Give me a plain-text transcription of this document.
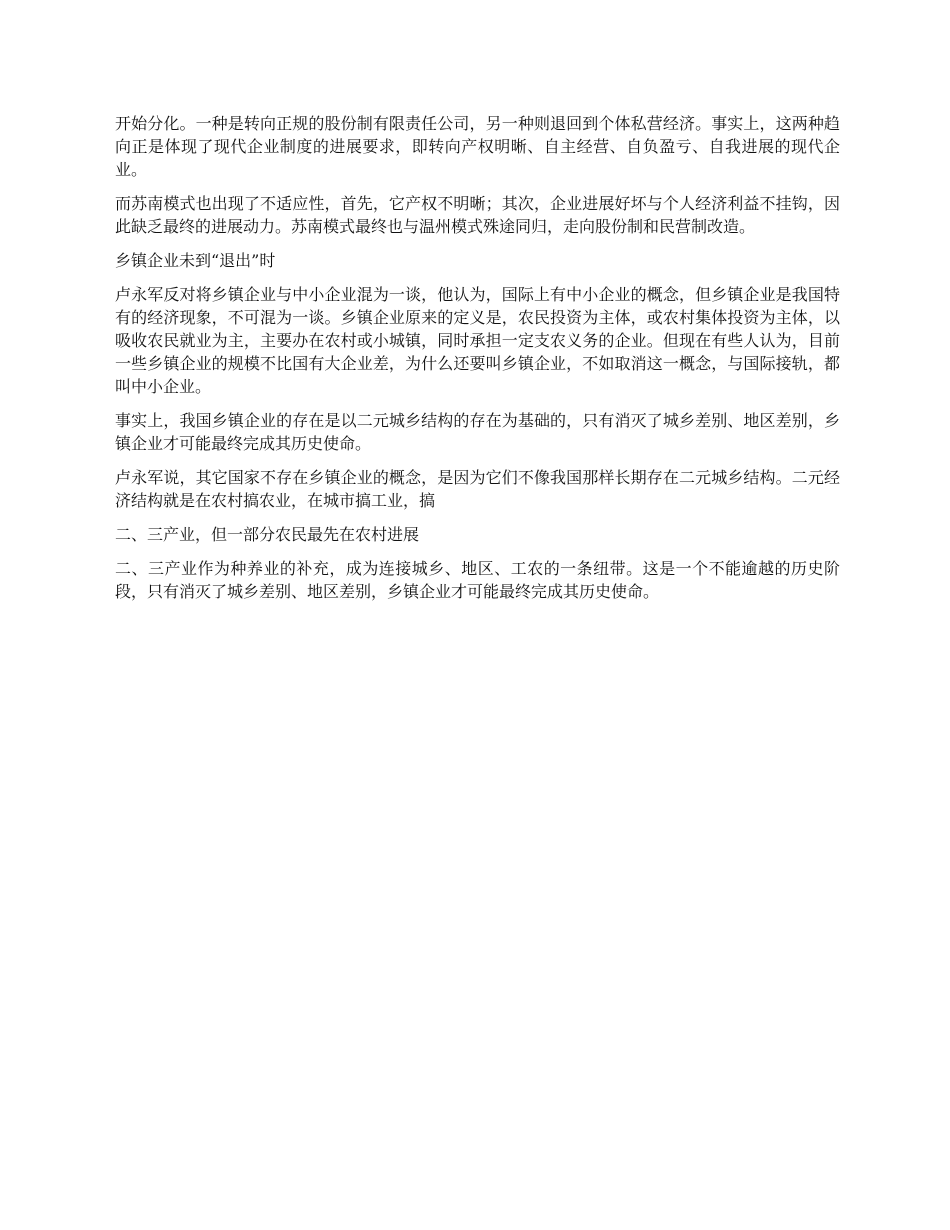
开始分化。一种是转向正规的股份制有限责任公司，另一种则退回到个体私营经济。事实上，这两种趋向正是体现了现代企业制度的进展要求，即转向产权明晰、自主经营、自负盈亏、自我进展的现代企业。

而苏南模式也出现了不适应性，首先，它产权不明晰；其次，企业进展好坏与个人经济利益不挂钩，因此缺乏最终的进展动力。苏南模式最终也与温州模式殊途同归，走向股份制和民营制改造。

乡镇企业未到“退出”时

卢永军反对将乡镇企业与中小企业混为一谈，他认为，国际上有中小企业的概念，但乡镇企业是我国特有的经济现象，不可混为一谈。乡镇企业原来的定义是，农民投资为主体，或农村集体投资为主体，以吸收农民就业为主，主要办在农村或小城镇，同时承担一定支农义务的企业。但现在有些人认为，目前一些乡镇企业的规模不比国有大企业差，为什么还要叫乡镇企业，不如取消这一概念，与国际接轨，都叫中小企业。

事实上，我国乡镇企业的存在是以二元城乡结构的存在为基础的，只有消灭了城乡差别、地区差别，乡镇企业才可能最终完成其历史使命。

卢永军说，其它国家不存在乡镇企业的概念，是因为它们不像我国那样长期存在二元城乡结构。二元经济结构就是在农村搞农业，在城市搞工业，搞

二、三产业，但一部分农民最先在农村进展

二、三产业作为种养业的补充，成为连接城乡、地区、工农的一条纽带。这是一个不能逾越的历史阶段，只有消灭了城乡差别、地区差别，乡镇企业才可能最终完成其历史使命。
